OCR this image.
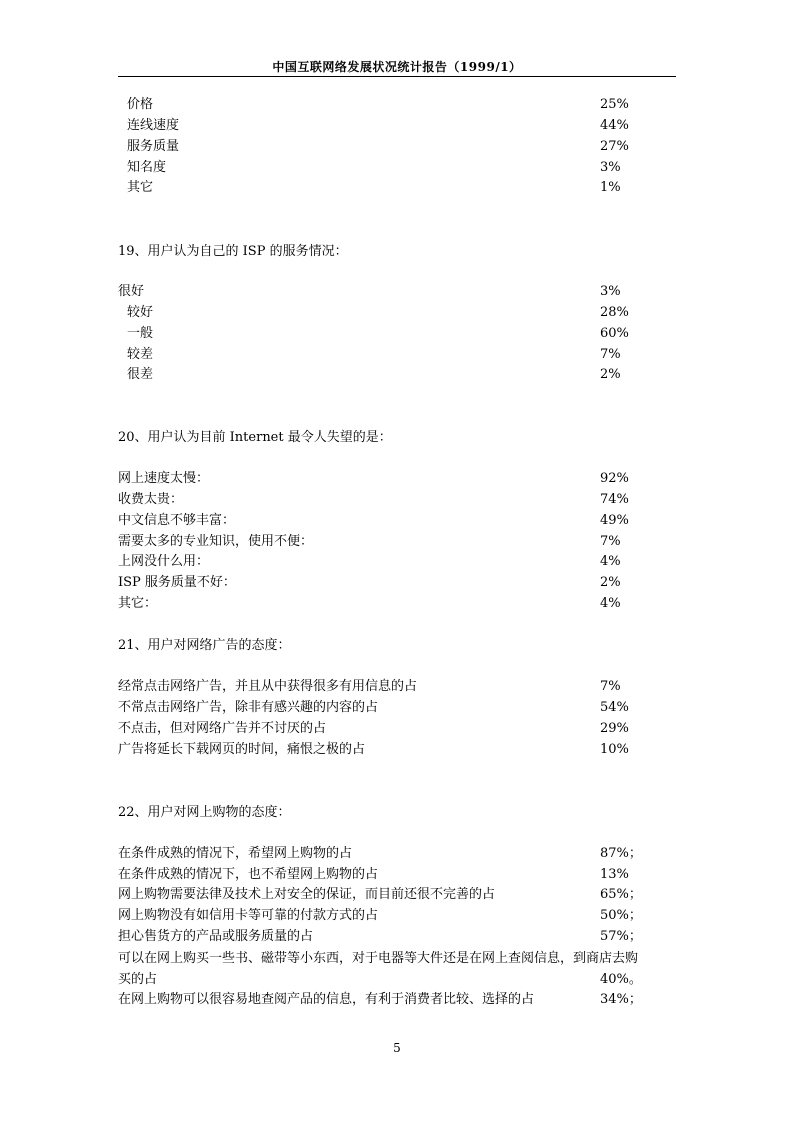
中国互联网络发展状况统计报告（1999/1）
价格	25%
连线速度	44%
服务质量	27%
知名度	3%
其它	1%
19、用户认为自己的 ISP 的服务情况：
很好	3%
较好	28%
一般	60%
较差	7%
很差	2%
20、用户认为目前 Internet 最令人失望的是：
网上速度太慢：	92%
收费太贵：	74%
中文信息不够丰富：	49%
需要太多的专业知识，使用不便：	7%
上网没什么用：	4%
ISP 服务质量不好：	2%
其它：	4%
21、用户对网络广告的态度：
经常点击网络广告，并且从中获得很多有用信息的占	7%
不常点击网络广告，除非有感兴趣的内容的占	54%
不点击，但对网络广告并不讨厌的占	29%
广告将延长下载网页的时间，痛恨之极的占	10%
22、用户对网上购物的态度：
在条件成熟的情况下，希望网上购物的占	87%；
在条件成熟的情况下，也不希望网上购物的占	13%
网上购物需要法律及技术上对安全的保证，而目前还很不完善的占	65%；
网上购物没有如信用卡等可靠的付款方式的占	50%；
担心售货方的产品或服务质量的占	57%；
可以在网上购买一些书、磁带等小东西，对于电器等大件还是在网上查阅信息，到商店去购
买的占	40%。
在网上购物可以很容易地查阅产品的信息，有利于消费者比较、选择的占	34%；
5
